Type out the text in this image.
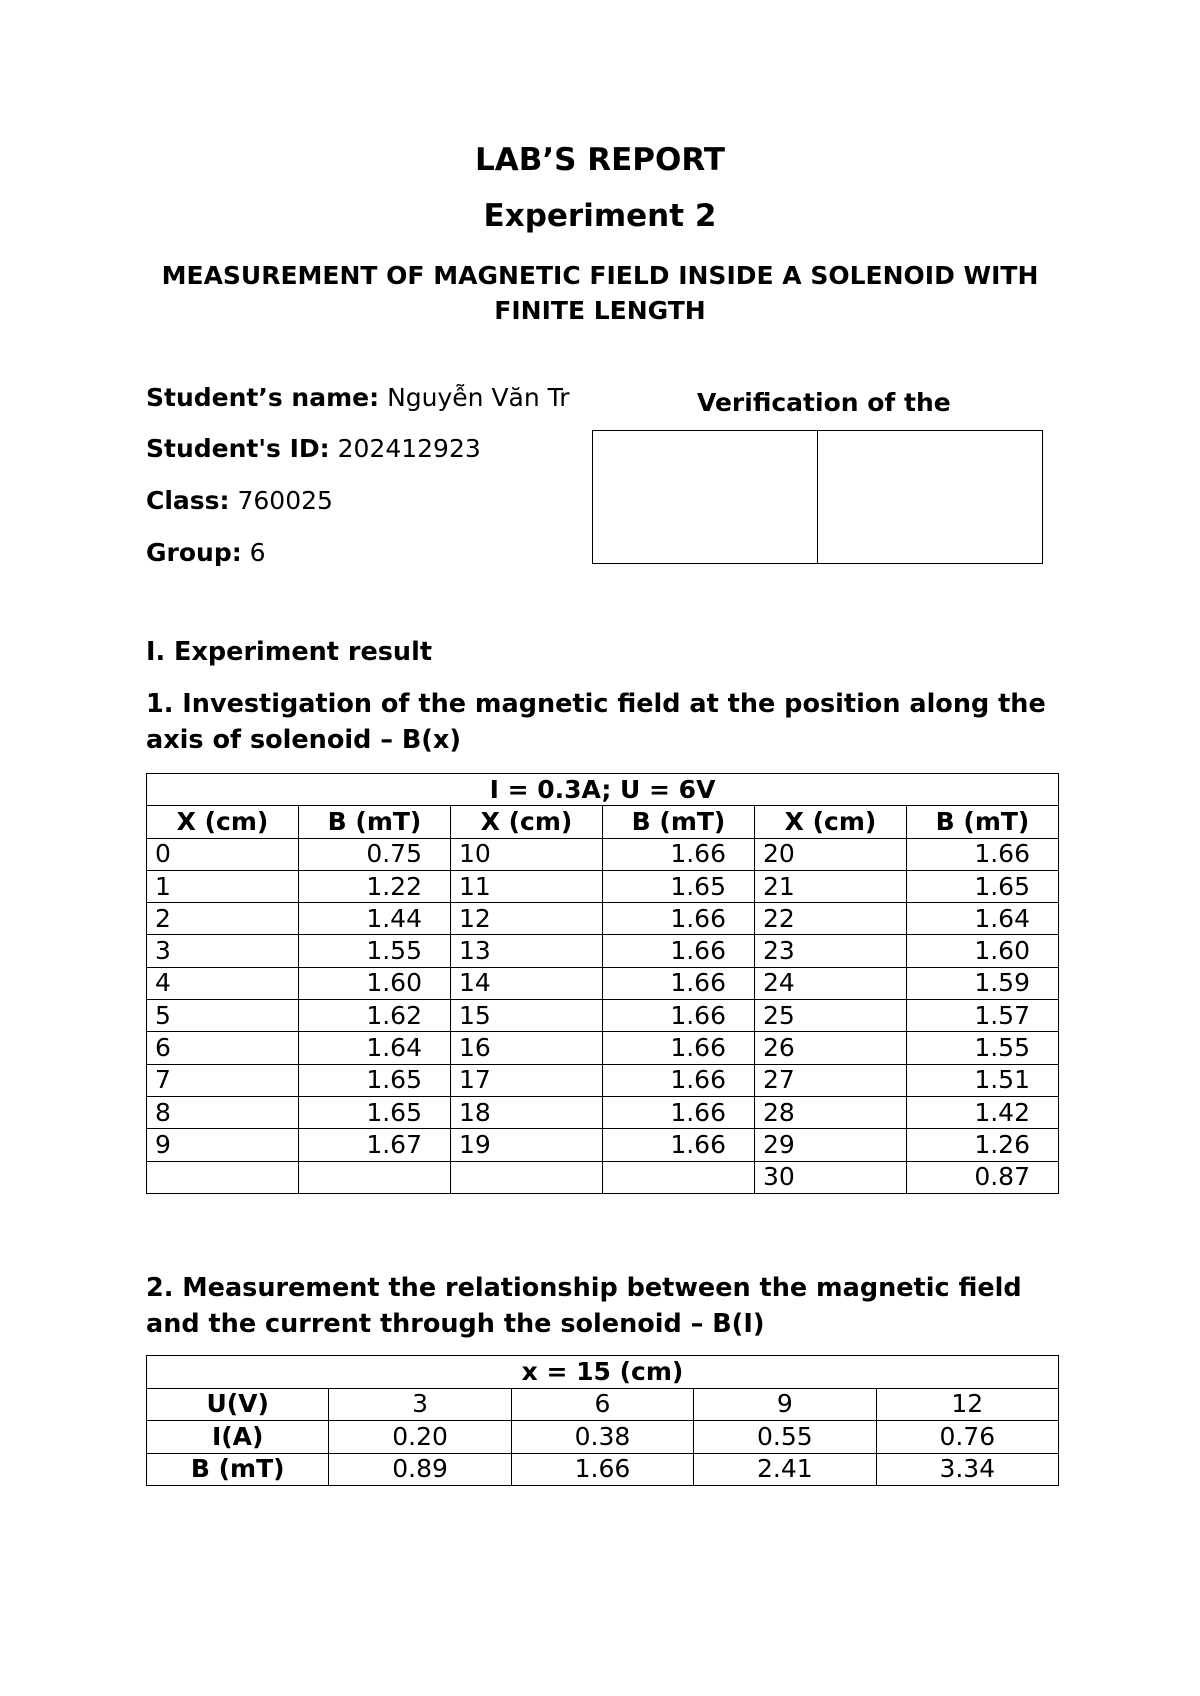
LAB’S REPORT
Experiment 2
MEASUREMENT OF MAGNETIC FIELD INSIDE A SOLENOID WITH FINITE LENGTH
Student’s name: Nguyễn Văn Tr
Student's ID: 202412923
Class: 760025
Group: 6
Verification of the
I. Experiment result
1. Investigation of the magnetic field at the position along the axis of solenoid – B(x)
I = 0.3A; U = 6V					
X (cm)	B (mT)	X (cm)	B (mT)	X (cm)	B (mT)
0	0.75	10	1.66	20	1.66
1	1.22	11	1.65	21	1.65
2	1.44	12	1.66	22	1.64
3	1.55	13	1.66	23	1.60
4	1.60	14	1.66	24	1.59
5	1.62	15	1.66	25	1.57
6	1.64	16	1.66	26	1.55
7	1.65	17	1.66	27	1.51
8	1.65	18	1.66	28	1.42
9	1.67	19	1.66	29	1.26
				30	0.87
2. Measurement the relationship between the magnetic field and the current through the solenoid – B(I)
x = 15 (cm)				
U(V)	3	6	9	12
I(A)	0.20	0.38	0.55	0.76
B (mT)	0.89	1.66	2.41	3.34
